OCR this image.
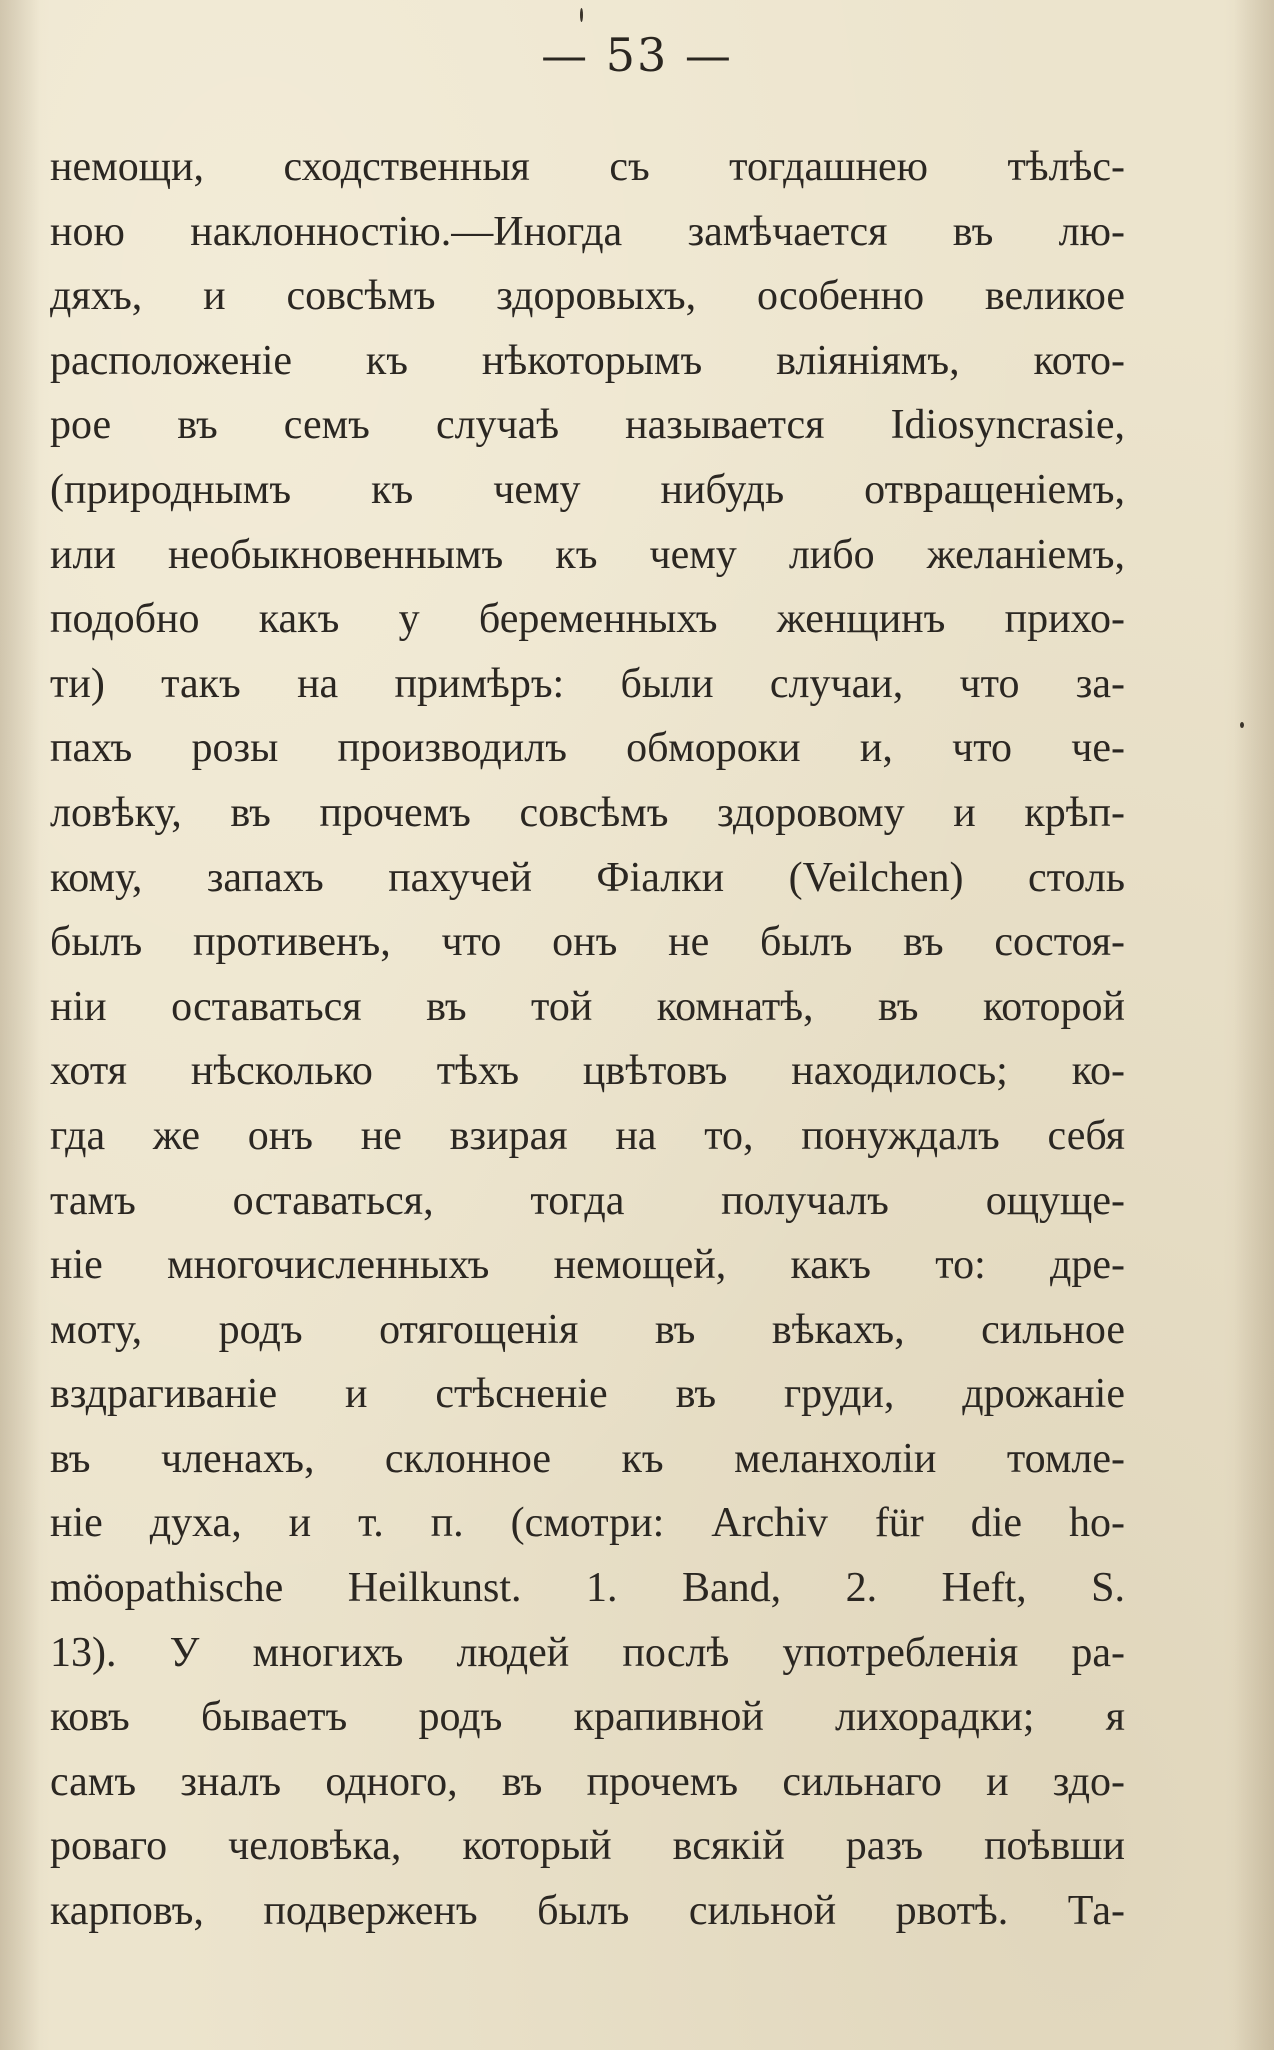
— 53 —
немощи, сходственныя съ тогдашнею тѣлѣс-
ною наклонностію.—Иногда замѣчается въ лю-
дяхъ, и совсѣмъ здоровыхъ, особенно великое
расположеніе къ нѣкоторымъ вліяніямъ, кото-
рое въ семъ случаѣ называется Idiosyncrasie,
(природнымъ къ чему нибудь отвращеніемъ,
или необыкновеннымъ къ чему либо желаніемъ,
подобно какъ у беременныхъ женщинъ прихо-
ти) такъ на примѣръ: были случаи, что за-
пахъ розы производилъ обмороки и, что че-
ловѣку, въ прочемъ совсѣмъ здоровому и крѣп-
кому, запахъ пахучей Фіалки (Veilchen) столь
былъ противенъ, что онъ не былъ въ состоя-
ніи оставаться въ той комнатѣ, въ которой
хотя нѣсколько тѣхъ цвѣтовъ находилось; ко-
гда же онъ не взирая на то, понуждалъ себя
тамъ оставаться, тогда получалъ ощуще-
ніе многочисленныхъ немощей, какъ то: дре-
моту, родъ отягощенія въ вѣкахъ, сильное
вздрагиваніе и стѣсненіе въ груди, дрожаніе
въ членахъ, склонное къ меланхоліи томле-
ніе духа, и т. п. (смотри: Archiv für die ho-
möopathische Heilkunst. 1. Band, 2. Heft, S.
13). У многихъ людей послѣ употребленія ра-
ковъ бываетъ родъ крапивной лихорадки; я
самъ зналъ одного, въ прочемъ сильнаго и здо-
роваго человѣка, который всякій разъ поѣвши
карповъ, подверженъ былъ сильной рвотѣ. Та-
